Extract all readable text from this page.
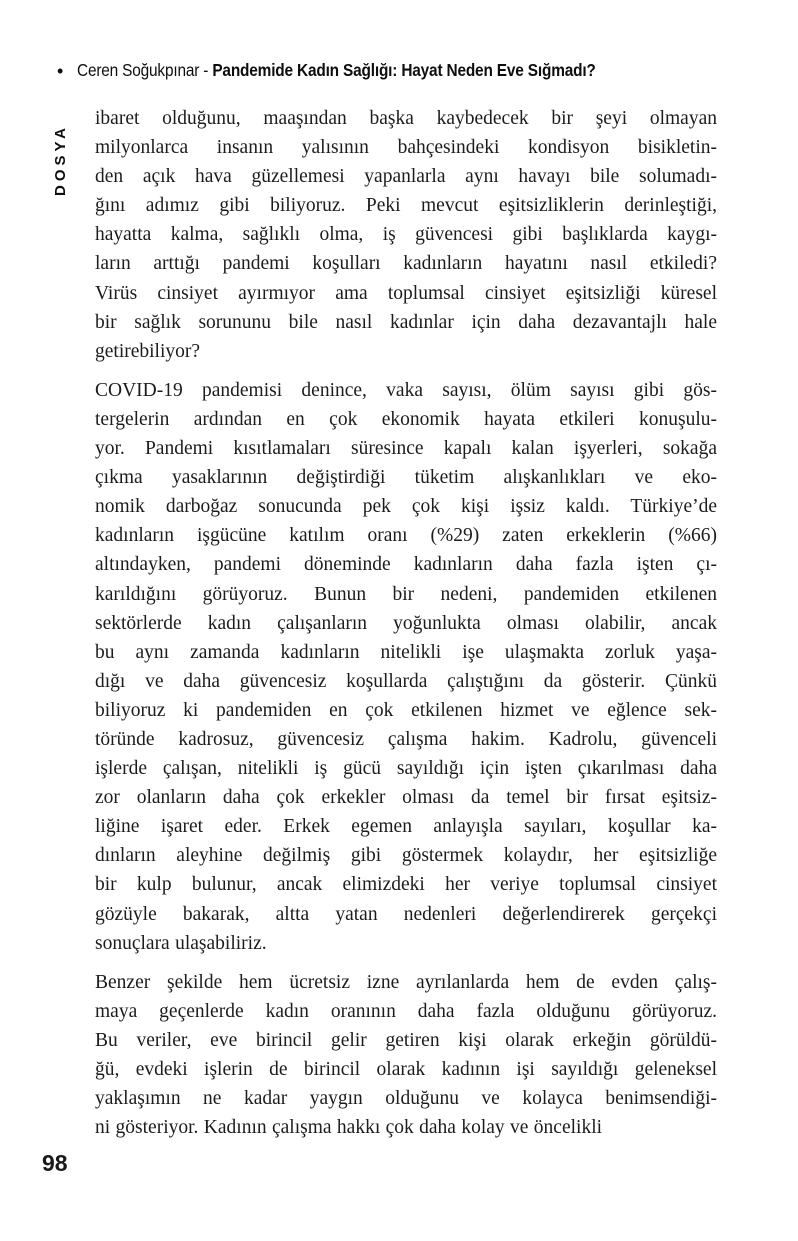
• Ceren Soğukpınar - Pandemide Kadın Sağlığı: Hayat Neden Eve Sığmadı?
DOSYA
ibaret olduğunu, maaşından başka kaybedecek bir şeyi olmayan
milyonlarca insanın yalısının bahçesindeki kondisyon bisikletin-
den açık hava güzellemesi yapanlarla aynı havayı bile solumadı-
ğını adımız gibi biliyoruz. Peki mevcut eşitsizliklerin derinleştiği,
hayatta kalma, sağlıklı olma, iş güvencesi gibi başlıklarda kaygı-
ların arttığı pandemi koşulları kadınların hayatını nasıl etkiledi?
Virüs cinsiyet ayırmıyor ama toplumsal cinsiyet eşitsizliği küresel
bir sağlık sorununu bile nasıl kadınlar için daha dezavantajlı hale
getirebiliyor?
COVID-19 pandemisi denince, vaka sayısı, ölüm sayısı gibi gös-
tergelerin ardından en çok ekonomik hayata etkileri konuşulu-
yor. Pandemi kısıtlamaları süresince kapalı kalan işyerleri, sokağa
çıkma yasaklarının değiştirdiği tüketim alışkanlıkları ve eko-
nomik darboğaz sonucunda pek çok kişi işsiz kaldı. Türkiye’de
kadınların işgücüne katılım oranı (%29) zaten erkeklerin (%66)
altındayken, pandemi döneminde kadınların daha fazla işten çı-
karıldığını görüyoruz. Bunun bir nedeni, pandemiden etkilenen
sektörlerde kadın çalışanların yoğunlukta olması olabilir, ancak
bu aynı zamanda kadınların nitelikli işe ulaşmakta zorluk yaşa-
dığı ve daha güvencesiz koşullarda çalıştığını da gösterir. Çünkü
biliyoruz ki pandemiden en çok etkilenen hizmet ve eğlence sek-
töründe kadrosuz, güvencesiz çalışma hakim. Kadrolu, güvenceli
işlerde çalışan, nitelikli iş gücü sayıldığı için işten çıkarılması daha
zor olanların daha çok erkekler olması da temel bir fırsat eşitsiz-
liğine işaret eder. Erkek egemen anlayışla sayıları, koşullar ka-
dınların aleyhine değilmiş gibi göstermek kolaydır, her eşitsizliğe
bir kulp bulunur, ancak elimizdeki her veriye toplumsal cinsiyet
gözüyle bakarak, altta yatan nedenleri değerlendirerek gerçekçi
sonuçlara ulaşabiliriz.
Benzer şekilde hem ücretsiz izne ayrılanlarda hem de evden çalış-
maya geçenlerde kadın oranının daha fazla olduğunu görüyoruz.
Bu veriler, eve birincil gelir getiren kişi olarak erkeğin görüldü-
ğü, evdeki işlerin de birincil olarak kadının işi sayıldığı geleneksel
yaklaşımın ne kadar yaygın olduğunu ve kolayca benimsendiği-
ni gösteriyor. Kadının çalışma hakkı çok daha kolay ve öncelikli
98
